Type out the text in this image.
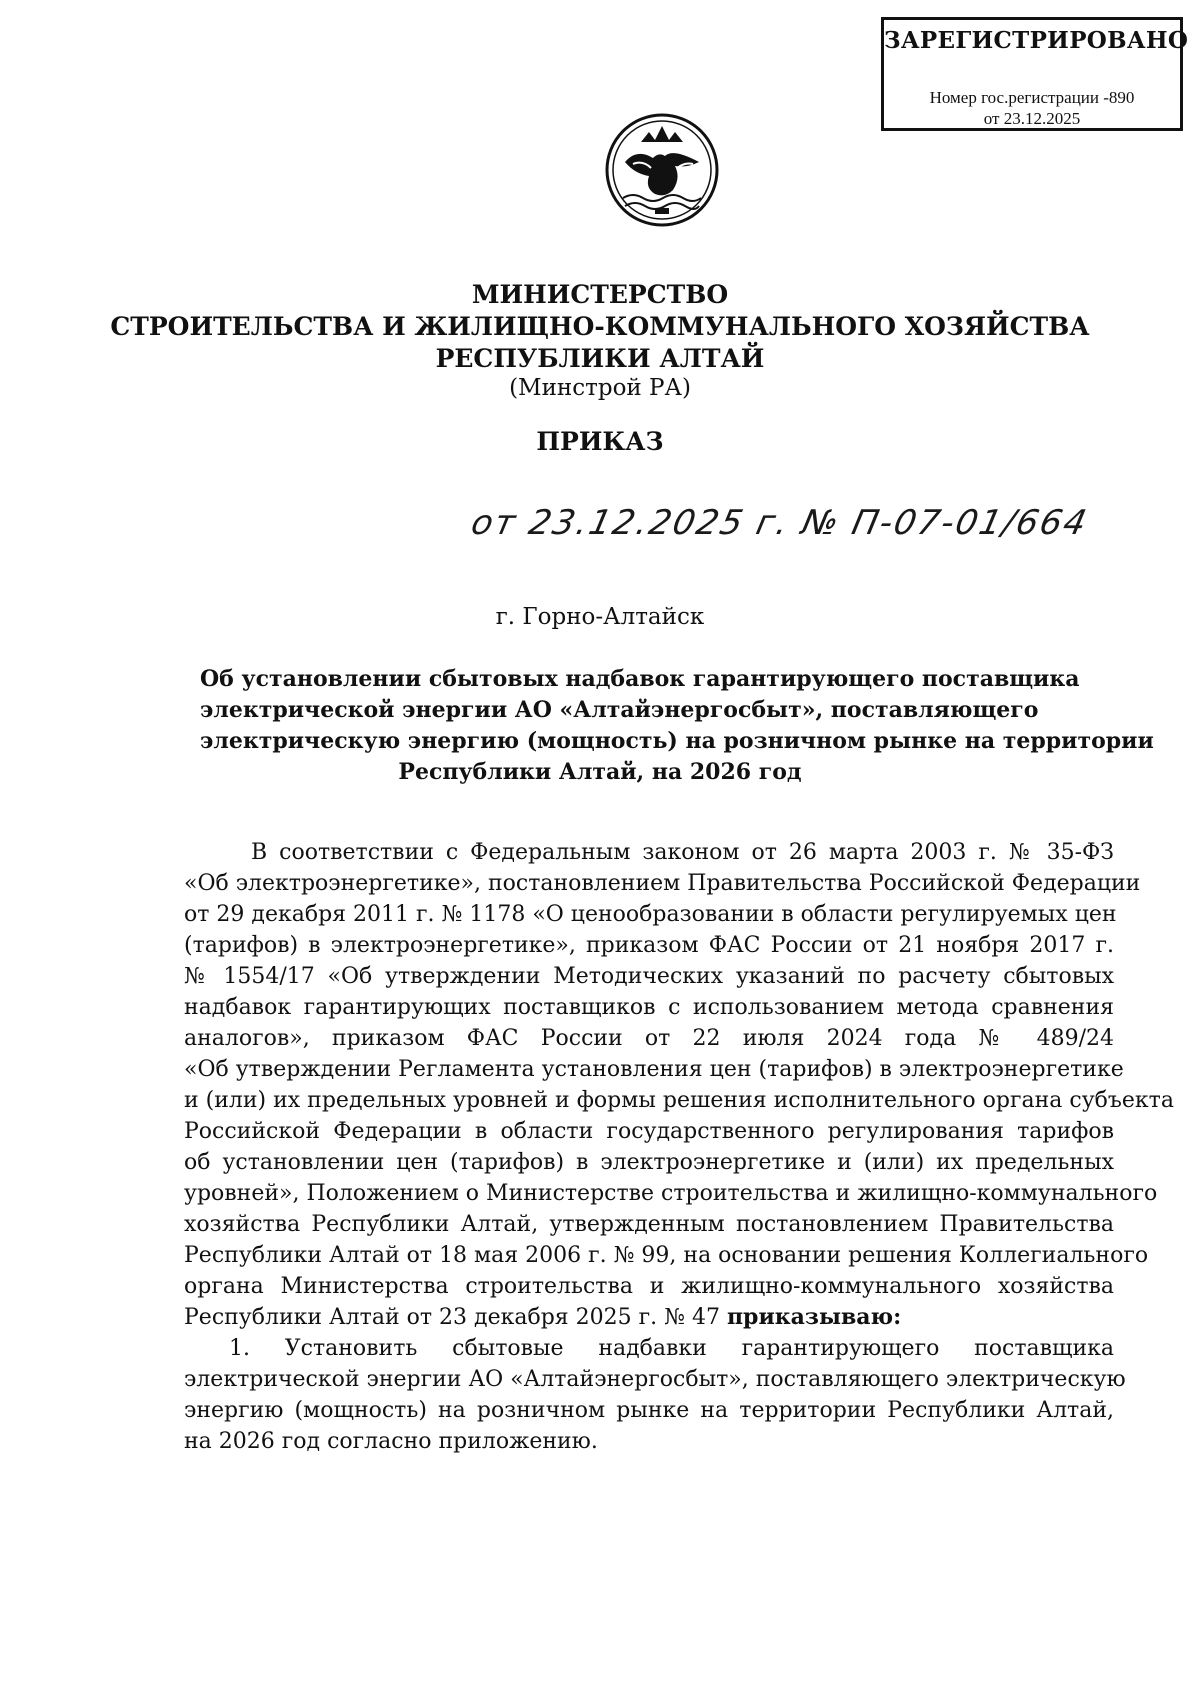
ЗАРЕГИСТРИРОВАНО
Номер гос.регистрации -890
от 23.12.2025
МИНИСТЕРСТВО
СТРОИТЕЛЬСТВА И ЖИЛИЩНО-КОММУНАЛЬНОГО ХОЗЯЙСТВА
РЕСПУБЛИКИ АЛТАЙ
(Минстрой РА)
ПРИКАЗ
от 23.12.2025 г. № П-07-01/664
г. Горно-Алтайск
Об установлении сбытовых надбавок гарантирующего поставщика
электрической энергии АО «Алтайэнергосбыт», поставляющего
электрическую энергию (мощность) на розничном рынке на территории
Республики Алтай, на 2026 год
В соответствии с Федеральным законом от 26 марта 2003 г. № 35-ФЗ
«Об электроэнергетике», постановлением Правительства Российской Федерации
от 29 декабря 2011 г. № 1178 «О ценообразовании в области регулируемых цен
(тарифов) в электроэнергетике», приказом ФАС России от 21 ноября 2017 г.
№ 1554/17 «Об утверждении Методических указаний по расчету сбытовых
надбавок гарантирующих поставщиков с использованием метода сравнения
аналогов», приказом ФАС России от 22 июля 2024 года № 489/24
«Об утверждении Регламента установления цен (тарифов) в электроэнергетике
и (или) их предельных уровней и формы решения исполнительного органа субъекта
Российской Федерации в области государственного регулирования тарифов
об установлении цен (тарифов) в электроэнергетике и (или) их предельных
уровней», Положением о Министерстве строительства и жилищно-коммунального
хозяйства Республики Алтай, утвержденным постановлением Правительства
Республики Алтай от 18 мая 2006 г. № 99, на основании решения Коллегиального
органа Министерства строительства и жилищно-коммунального хозяйства
Республики Алтай от 23 декабря 2025 г. № 47 приказываю:
1. Установить сбытовые надбавки гарантирующего поставщика
электрической энергии АО «Алтайэнергосбыт», поставляющего электрическую
энергию (мощность) на розничном рынке на территории Республики Алтай,
на 2026 год согласно приложению.
